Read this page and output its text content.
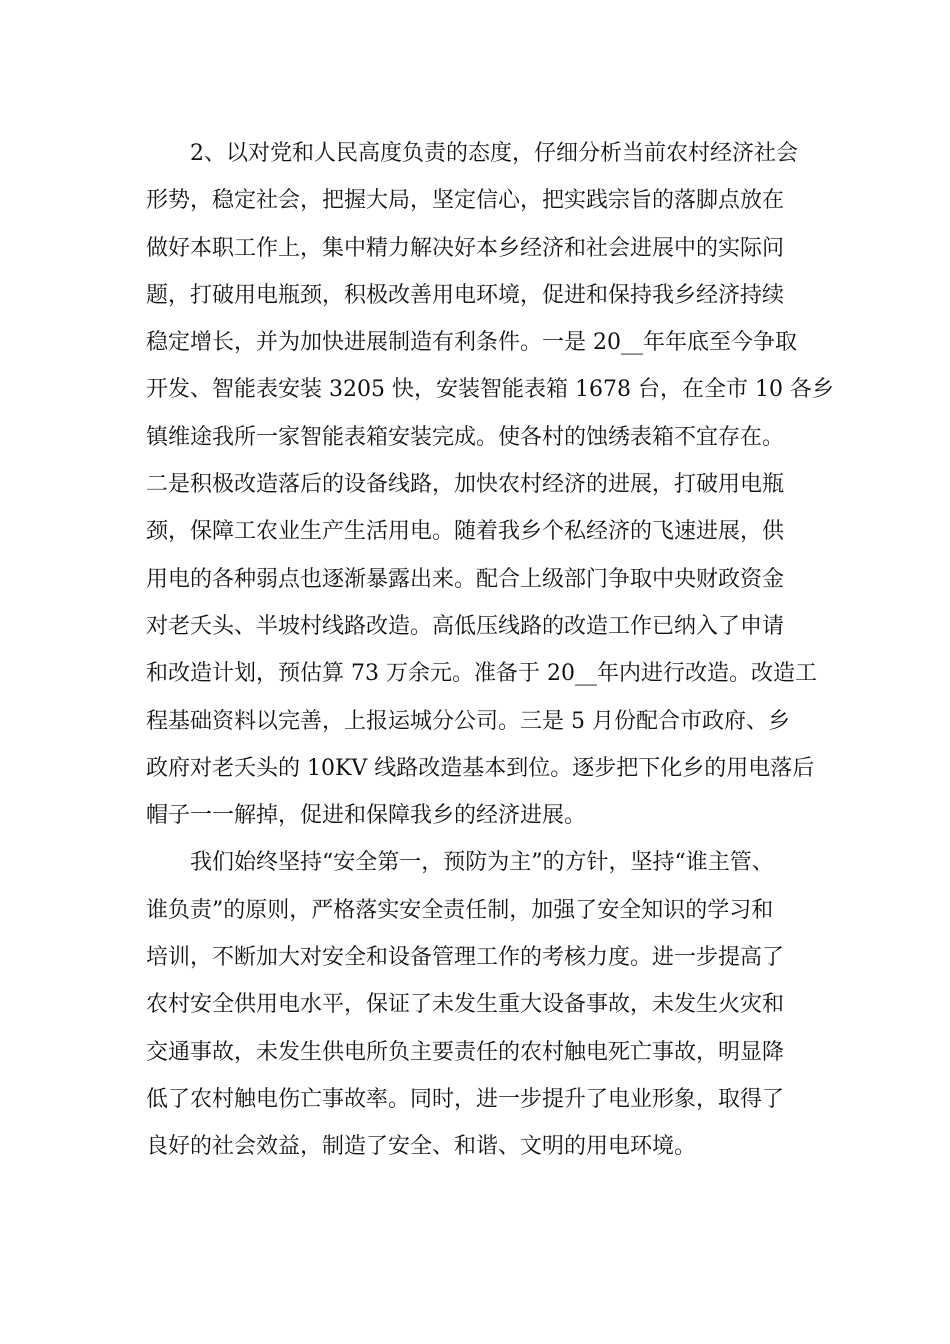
2、以对党和人民高度负责的态度，仔细分析当前农村经济社会
形势，稳定社会，把握大局，坚定信心，把实践宗旨的落脚点放在
做好本职工作上，集中精力解决好本乡经济和社会进展中的实际问
题，打破用电瓶颈，积极改善用电环境，促进和保持我乡经济持续
稳定增长，并为加快进展制造有利条件。一是 20__年年底至今争取
开发、智能表安装 3205 快，安装智能表箱 1678 台，在全市 10 各乡
镇维途我所一家智能表箱安装完成。使各村的蚀绣表箱不宜存在。
二是积极改造落后的设备线路，加快农村经济的进展，打破用电瓶
颈，保障工农业生产生活用电。随着我乡个私经济的飞速进展，供
用电的各种弱点也逐渐暴露出来。配合上级部门争取中央财政资金
对老夭头、半坡村线路改造。高低压线路的改造工作已纳入了申请
和改造计划，预估算 73 万余元。准备于 20__年内进行改造。改造工
程基础资料以完善，上报运城分公司。三是 5 月份配合市政府、乡
政府对老夭头的 10KV 线路改造基本到位。逐步把下化乡的用电落后
帽子一一解掉，促进和保障我乡的经济进展。
我们始终坚持“安全第一，预防为主”的方针，坚持“谁主管、
谁负责”的原则，严格落实安全责任制，加强了安全知识的学习和
培训，不断加大对安全和设备管理工作的考核力度。进一步提高了
农村安全供用电水平，保证了未发生重大设备事故，未发生火灾和
交通事故，未发生供电所负主要责任的农村触电死亡事故，明显降
低了农村触电伤亡事故率。同时，进一步提升了电业形象，取得了
良好的社会效益，制造了安全、和谐、文明的用电环境。
